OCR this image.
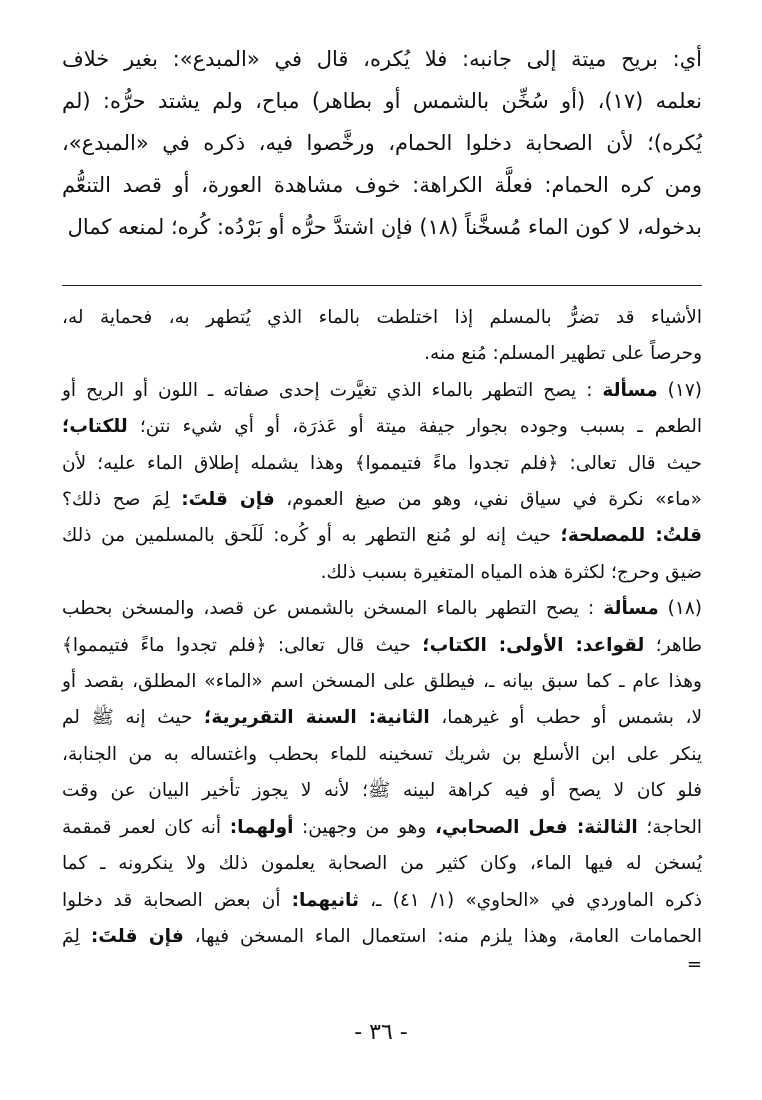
أي: بريح ميتة إلى جانبه: فلا يُكره، قال في «المبدع»: بغير خلاف
نعلمه (١٧)، (أو سُخِّن بالشمس أو بطاهر) مباح، ولم يشتد حرُّه: (لم
يُكره)؛ لأن الصحابة دخلوا الحمام، ورخَّصوا فيه، ذكره في «المبدع»،
ومن كره الحمام: فعلَّة الكراهة: خوف مشاهدة العورة، أو قصد التنعُّم
بدخوله، لا كون الماء مُسخَّناً (١٨) فإن اشتدَّ حرُّه أو بَرْدُه: كُره؛ لمنعه كمال
الأشياء قد تضرُّ بالمسلم إذا اختلطت بالماء الذي يُتطهر به، فحماية له،
وحرصاً على تطهير المسلم: مُنع منه.
(١٧) مسألة : يصح التطهر بالماء الذي تغيَّرت إحدى صفاته ـ اللون أو الريح أو
الطعم ـ بسبب وجوده بجوار جيفة ميتة أو عَذرَة، أو أي شيء نتن؛ للكتاب؛
حيث قال تعالى: ﴿فلم تجدوا ماءً فتيمموا﴾ وهذا يشمله إطلاق الماء عليه؛ لأن
«ماء» نكرة في سياق نفي، وهو من صيغ العموم، فإن قلتَ: لِمَ صح ذلك؟
قلتُ: للمصلحة؛ حيث إنه لو مُنع التطهر به أو كُره: لَلَحق بالمسلمين من ذلك
ضيق وحرج؛ لكثرة هذه المياه المتغيرة بسبب ذلك.
(١٨) مسألة : يصح التطهر بالماء المسخن بالشمس عن قصد، والمسخن بحطب
طاهر؛ لقواعد: الأولى: الكتاب؛ حيث قال تعالى: ﴿فلم تجدوا ماءً فتيمموا﴾
وهذا عام ـ كما سبق بيانه ـ، فيطلق على المسخن اسم «الماء» المطلق، بقصد أو
لا، بشمس أو حطب أو غيرهما، الثانية: السنة التقريرية؛ حيث إنه ﷺ لم
ينكر على ابن الأسلع بن شريك تسخينه للماء بحطب واغتساله به من الجنابة،
فلو كان لا يصح أو فيه كراهة لبينه ﷺ؛ لأنه لا يجوز تأخير البيان عن وقت
الحاجة؛ الثالثة: فعل الصحابي، وهو من وجهين: أولهما: أنه كان لعمر قمقمة
يُسخن له فيها الماء، وكان كثير من الصحابة يعلمون ذلك ولا ينكرونه ـ كما
ذكره الماوردي في «الحاوي» (١/ ٤١) ـ، ثانيهما: أن بعض الصحابة قد دخلوا
الحمامات العامة، وهذا يلزم منه: استعمال الماء المسخن فيها، فإن قلتَ: لِمَ
=
- ٣٦ -
